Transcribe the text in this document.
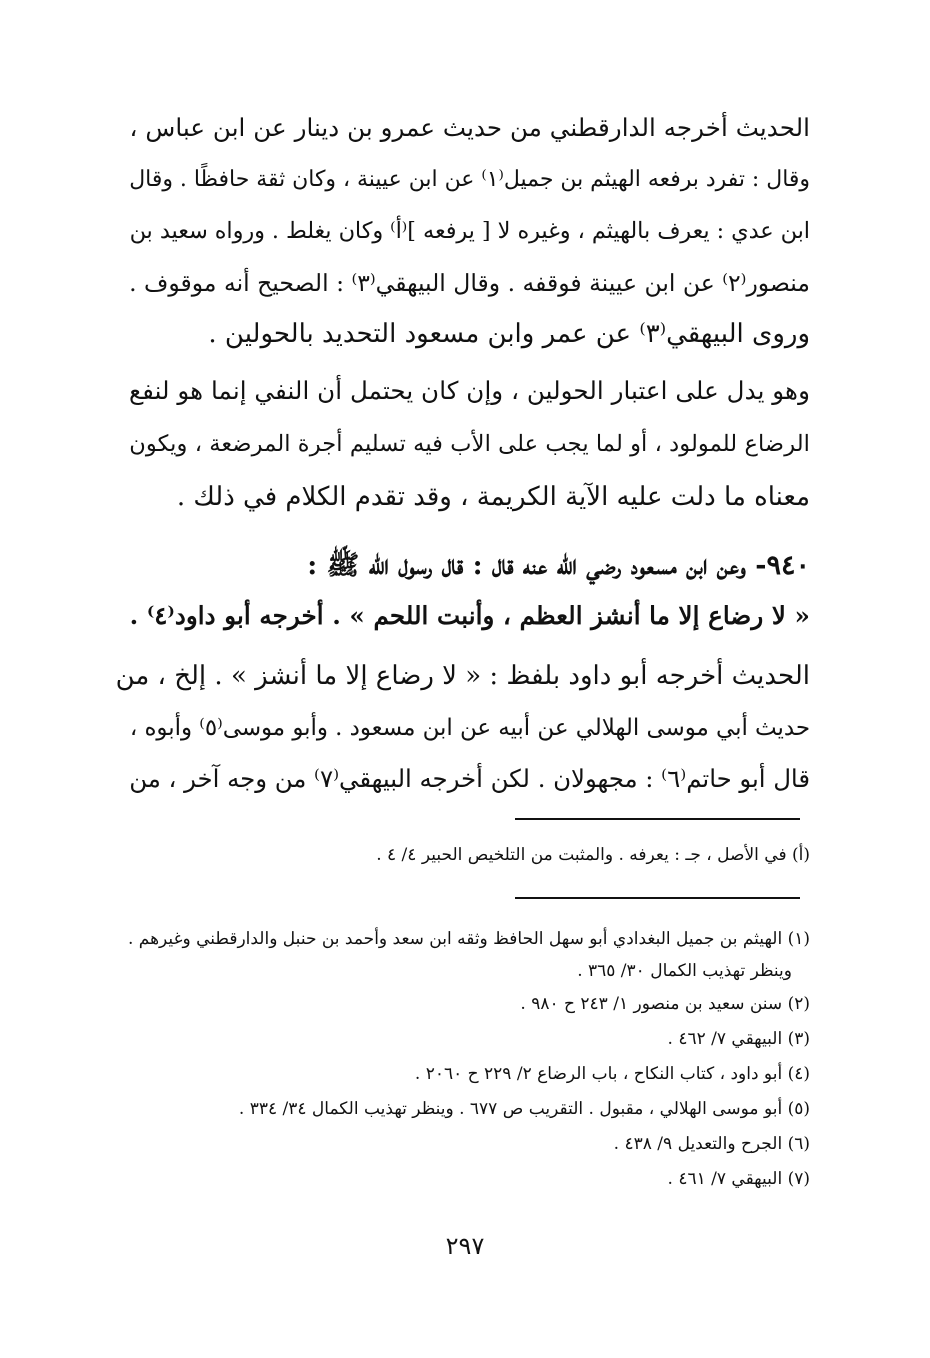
الحديث أخرجه الدارقطني من حديث عمرو بن دينار عن ابن عباس ،
وقال : تفرد برفعه الهيثم بن جميل⁽١⁾ عن ابن عيينة ، وكان ثقة حافظًا . وقال
ابن عدي : يعرف بالهيثم ، وغيره لا [ يرفعه ]⁽أ⁾ وكان يغلط . ورواه سعيد بن
منصور⁽٢⁾ عن ابن عيينة فوقفه . وقال البيهقي⁽٣⁾ : الصحيح أنه موقوف .
وروى البيهقي⁽٣⁾ عن عمر وابن مسعود التحديد بالحولين .
وهو يدل على اعتبار الحولين ، وإن كان يحتمل أن النفي إنما هو لنفع
الرضاع للمولود ، أو لما يجب على الأب فيه تسليم أجرة المرضعة ، ويكون
معناه ما دلت عليه الآية الكريمة ، وقد تقدم الكلام في ذلك .
٩٤٠- وعن ابن مسعود رضي الله عنه قال : قال رسول الله ﷺ :
« لا رضاع إلا ما أنشز العظم ، وأنبت اللحم » . أخرجه أبو داود⁽٤⁾ .
الحديث أخرجه أبو داود بلفظ : « لا رضاع إلا ما أنشز » . إلخ ، من
حديث أبي موسى الهلالي عن أبيه عن ابن مسعود . وأبو موسى⁽٥⁾ وأبوه ،
قال أبو حاتم⁽٦⁾ : مجهولان . لكن أخرجه البيهقي⁽٧⁾ من وجه آخر ، من
(أ) في الأصل ، جـ : يعرفه . والمثبت من التلخيص الحبير ٤/ ٤ .
(١) الهيثم بن جميل البغدادي أبو سهل الحافظ وثقه ابن سعد وأحمد بن حنبل والدارقطني وغيرهم .
وينظر تهذيب الكمال ٣٠/ ٣٦٥ .
(٢) سنن سعيد بن منصور ١/ ٢٤٣ ح ٩٨٠ .
(٣) البيهقي ٧/ ٤٦٢ .
(٤) أبو داود ، كتاب النكاح ، باب الرضاع ٢/ ٢٢٩ ح ٢٠٦٠ .
(٥) أبو موسى الهلالي ، مقبول . التقريب ص ٦٧٧ . وينظر تهذيب الكمال ٣٤/ ٣٣٤ .
(٦) الجرح والتعديل ٩/ ٤٣٨ .
(٧) البيهقي ٧/ ٤٦١ .
٢٩٧
